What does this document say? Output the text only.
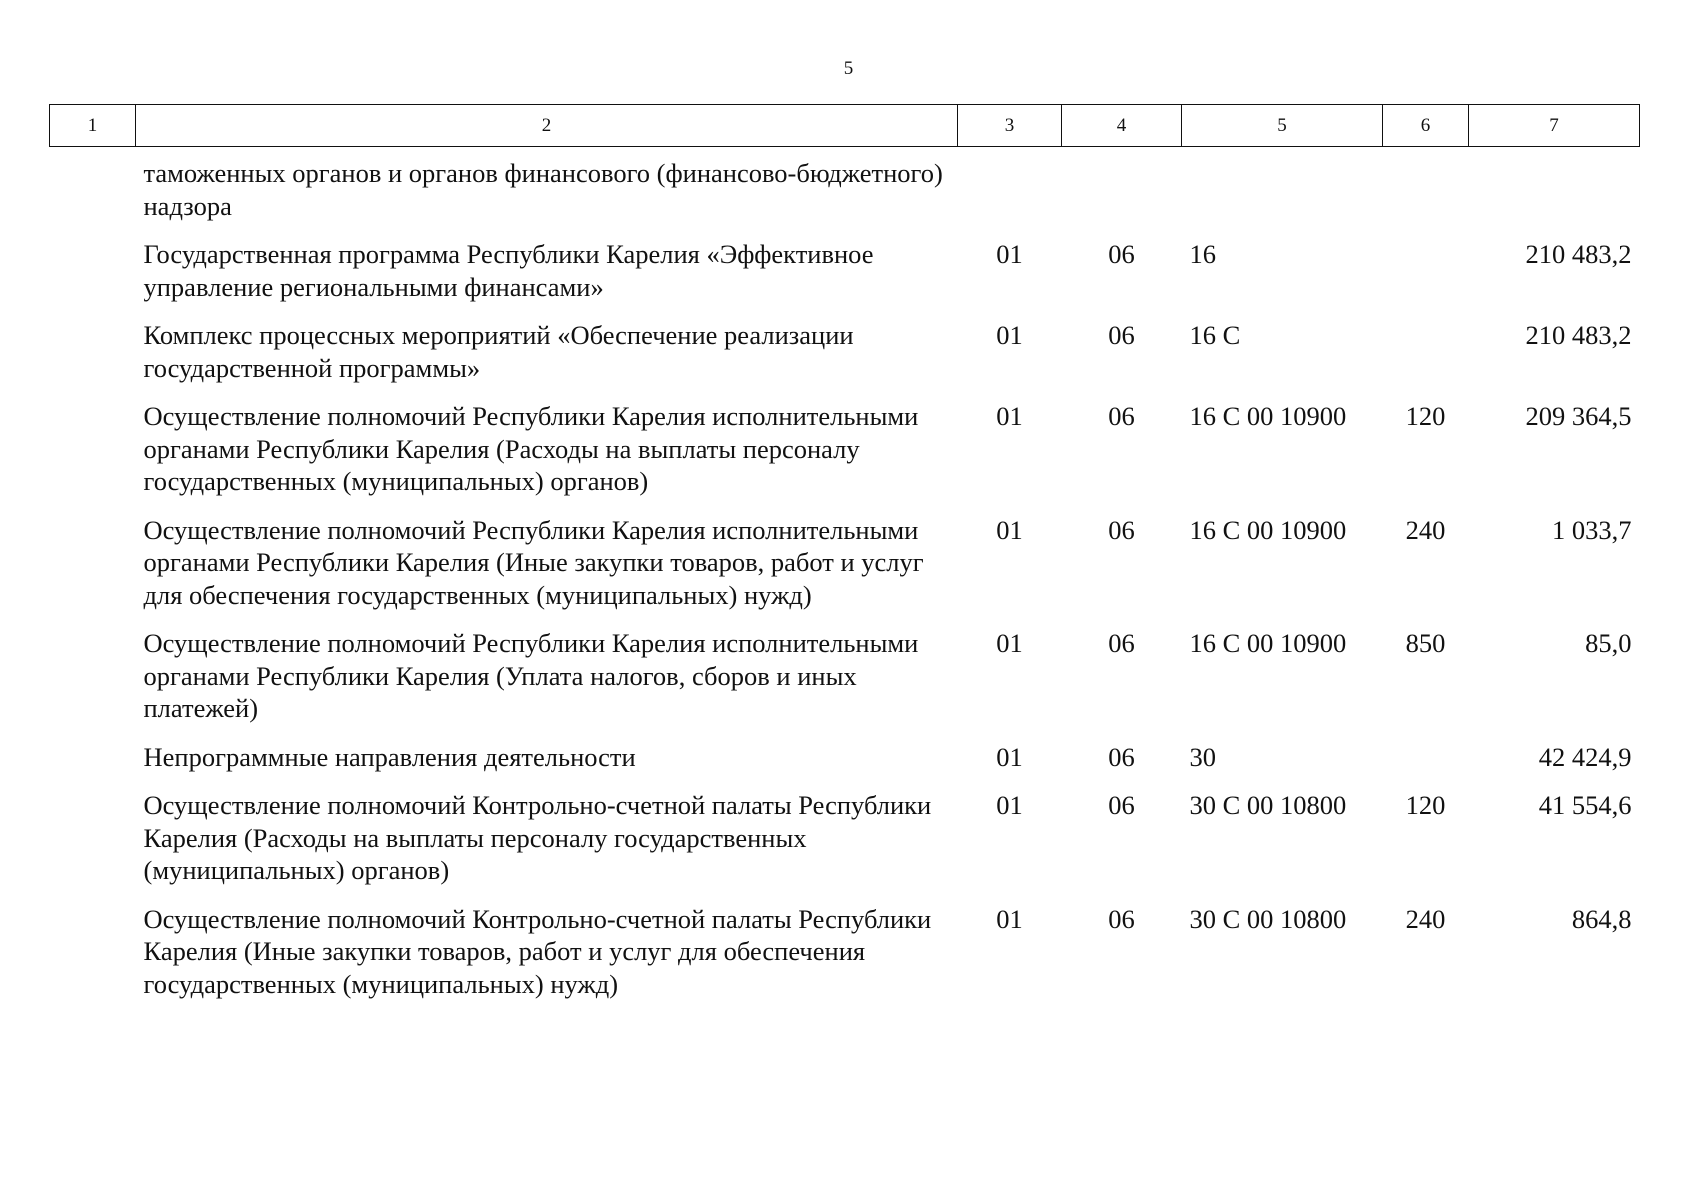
5
1	2	3	4	5	6	7
	таможенных органов и органов финансового (финансово-бюджетного) надзора					
	Государственная программа Республики Карелия «Эффективное управление региональными финансами»	01	06	16		210 483,2
	Комплекс процессных мероприятий «Обеспечение реализации государственной программы»	01	06	16 С		210 483,2
	Осуществление полномочий Республики Карелия исполнительными органами Республики Карелия (Расходы на выплаты персоналу государственных (муниципальных) органов)	01	06	16 С 00 10900	120	209 364,5
	Осуществление полномочий Республики Карелия исполнительными органами Республики Карелия (Иные закупки товаров, работ и услуг для обеспечения государственных (муниципальных) нужд)	01	06	16 С 00 10900	240	1 033,7
	Осуществление полномочий Республики Карелия исполнительными органами Республики Карелия (Уплата налогов, сборов и иных платежей)	01	06	16 С 00 10900	850	85,0
	Непрограммные направления деятельности	01	06	30		42 424,9
	Осуществление полномочий Контрольно-счетной палаты Республики Карелия (Расходы на выплаты персоналу государственных (муниципальных) органов)	01	06	30 С 00 10800	120	41 554,6
	Осуществление полномочий Контрольно-счетной палаты Республики Карелия (Иные закупки товаров, работ и услуг для обеспечения государственных (муниципальных) нужд)	01	06	30 С 00 10800	240	864,8
